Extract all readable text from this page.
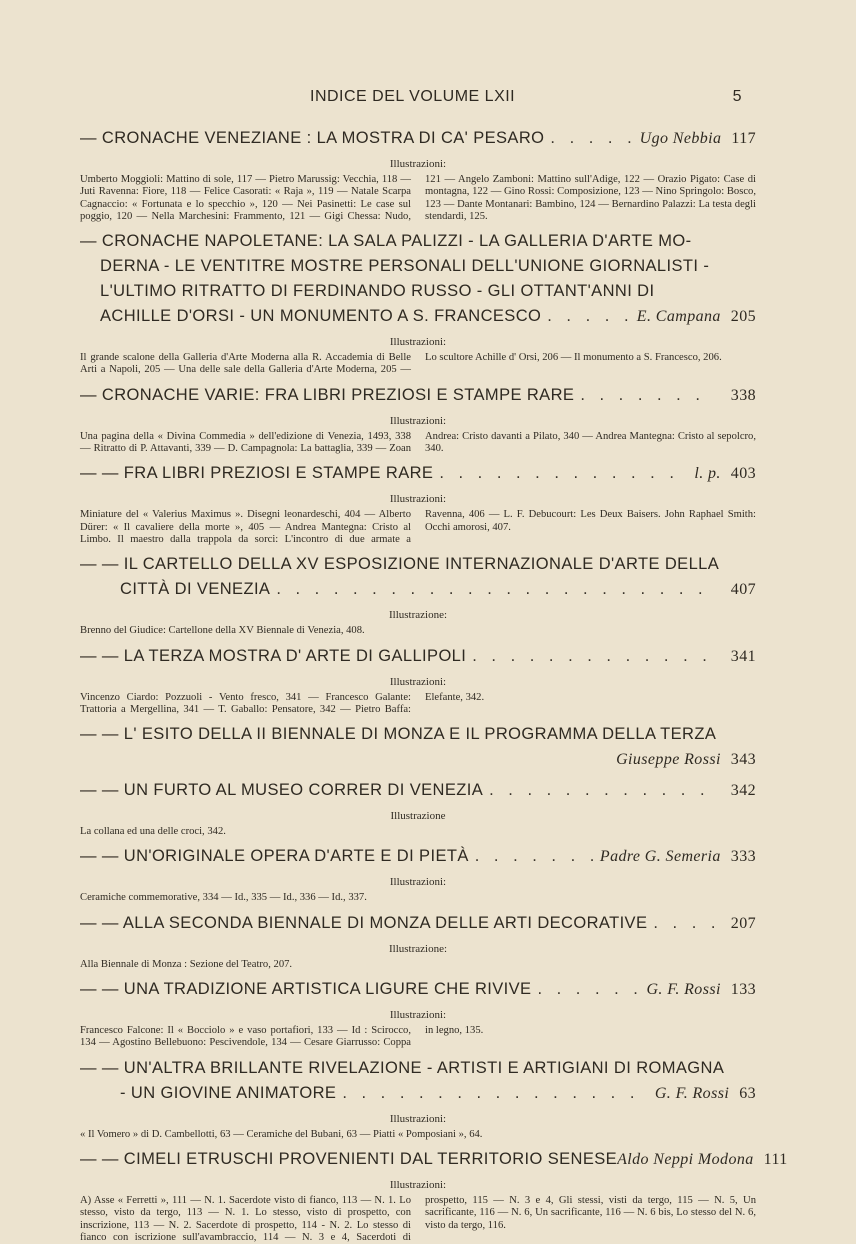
INDICE DEL VOLUME LXII	5
— CRONACHE VENEZIANE : LA MOSTRA DI CA' PESARO . . .	Ugo Nebbia 117
Illustrazioni:
Umberto Moggioli: Mattino di sole, 117 — Pietro Marussig: Vecchia, 118 — Juti Ravenna: Fiore, 118 — Felice Casorati: « Raja », 119 — Natale Scarpa Cagnaccio: « Fortunata e lo specchio », 120 — Nei Pasinetti: Le case sul poggio, 120 — Nella Marchesini: Frammento, 121 — Gigi Chessa: Nudo, 121 — Angelo Zamboni: Mattino sull'Adige, 122 — Orazio Pigato: Case di montagna, 122 — Gino Rossi: Composizione, 123 — Nino Springolo: Bosco, 123 — Dante Montanari: Bambino, 124 — Bernardino Palazzi: La testa degli stendardi, 125.
— CRONACHE NAPOLETANE: LA SALA PALIZZI - LA GALLERIA D'ARTE MO-
DERNA - LE VENTITRE MOSTRE PERSONALI DELL'UNIONE GIORNALISTI -
L'ULTIMO RITRATTO DI FERDINANDO RUSSO - GLI OTTANT'ANNI DI
ACHILLE D'ORSI - UN MONUMENTO A S. FRANCESCO . . .	E. Campana 205
Illustrazioni:
Il grande scalone della Galleria d'Arte Moderna alla R. Accademia di Belle Arti a Napoli, 205 — Una delle sale della Galleria d'Arte Moderna, 205 — Lo scultore Achille d' Orsi, 206 — Il monumento a S. Francesco, 206.
— CRONACHE VARIE: FRA LIBRI PREZIOSI E STAMPE RARE . . .	338
Illustrazioni:
Una pagina della « Divina Commedia » dell'edizione di Venezia, 1493, 338 — Ritratto di P. Attavanti, 339 — D. Campagnola: La battaglia, 339 — Zoan Andrea: Cristo davanti a Pilato, 340 — Andrea Mantegna: Cristo al sepolcro, 340.
— — FRA LIBRI PREZIOSI E STAMPE RARE . . .	l. p. 403
Illustrazioni:
Miniature del « Valerius Maximus ». Disegni leonardeschi, 404 — Alberto Dürer: « Il cavaliere della morte », 405 — Andrea Mantegna: Cristo al Limbo. Il maestro dalla trappola da sorci: L'incontro di due armate a Ravenna, 406 — L. F. Debucourt: Les Deux Baisers. John Raphael Smith: Occhi amorosi, 407.
— — IL CARTELLO DELLA XV ESPOSIZIONE INTERNAZIONALE D'ARTE DELLA
CITTÀ DI VENEZIA . . .	407
Illustrazione:
Brenno del Giudice: Cartellone della XV Biennale di Venezia, 408.
— — LA TERZA MOSTRA D' ARTE DI GALLIPOLI . . .	341
Illustrazioni:
Vincenzo Ciardo: Pozzuoli - Vento fresco, 341 — Francesco Galante: Trattoria a Mergellina, 341 — T. Gaballo: Pensatore, 342 — Pietro Baffa: Elefante, 342.
— — L' ESITO DELLA II BIENNALE DI MONZA E IL PROGRAMMA DELLA TERZA
Giuseppe Rossi 343
— — UN FURTO AL MUSEO CORRER DI VENEZIA . . .	342
Illustrazione
La collana ed una delle croci, 342.
— — UN'ORIGINALE OPERA D'ARTE E DI PIETÀ . . .	Padre G. Semeria 333
Illustrazioni:
Ceramiche commemorative, 334 — Id., 335 — Id., 336 — Id., 337.
— — ALLA SECONDA BIENNALE DI MONZA DELLE ARTI DECORATIVE . . .	207
Illustrazione:
Alla Biennale di Monza : Sezione del Teatro, 207.
— — UNA TRADIZIONE ARTISTICA LIGURE CHE RIVIVE . . .	G. F. Rossi 133
Illustrazioni:
Francesco Falcone: Il « Bocciolo » e vaso portafiori, 133 — Id : Scirocco, 134 — Agostino Bellebuono: Pescivendole, 134 — Cesare Giarrusso: Coppa in legno, 135.
— — UN'ALTRA BRILLANTE RIVELAZIONE - ARTISTI E ARTIGIANI DI ROMAGNA
- UN GIOVINE ANIMATORE . . .	G. F. Rossi 63
Illustrazioni:
« Il Vomero » di D. Cambellotti, 63 — Ceramiche del Bubani, 63 — Piatti « Pomposiani », 64.
— — CIMELI ETRUSCHI PROVENIENTI DAL TERRITORIO SENESE Aldo Neppi Modona 111
Illustrazioni:
A) Asse « Ferretti », 111 — N. 1. Sacerdote visto di fianco, 113 — N. 1. Lo stesso, visto da tergo, 113 — N. 1. Lo stesso, visto di prospetto, con inscrizione, 113 — N. 2. Sacerdote di prospetto, 114 - N. 2. Lo stesso di fianco con iscrizione sull'avambraccio, 114 — N. 3 e 4, Sacerdoti di prospetto, 115 — N. 3 e 4, Gli stessi, visti da tergo, 115 — N. 5, Un sacrificante, 116 — N. 6, Un sacrificante, 116 — N. 6 bis, Lo stesso del N. 6, visto da tergo, 116.
